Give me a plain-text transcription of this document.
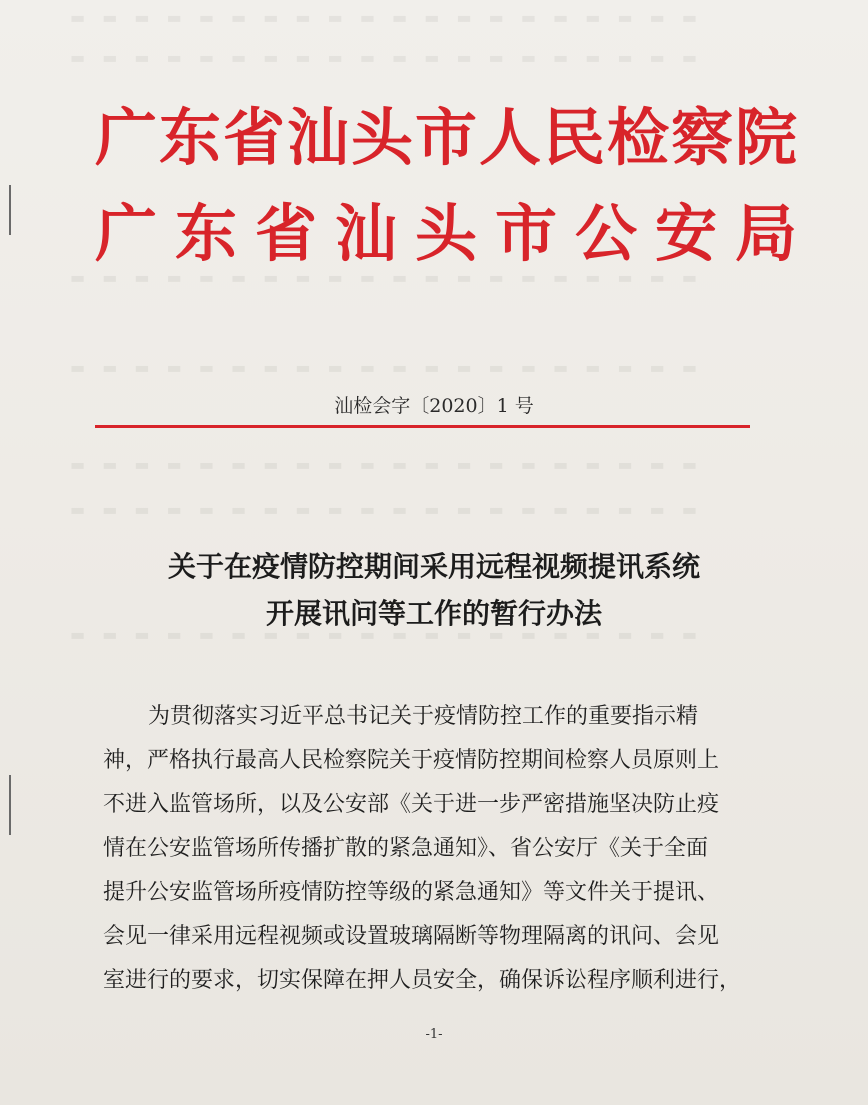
▬ ▬ ▬ ▬ ▬ ▬ ▬ ▬ ▬ ▬ ▬ ▬ ▬ ▬ ▬ ▬ ▬ ▬ ▬ ▬
▬ ▬ ▬ ▬ ▬ ▬ ▬ ▬ ▬ ▬ ▬ ▬ ▬ ▬ ▬ ▬ ▬ ▬ ▬ ▬
▬ ▬ ▬ ▬ ▬ ▬ ▬ ▬ ▬ ▬ ▬ ▬ ▬ ▬ ▬ ▬ ▬ ▬ ▬ ▬
▬ ▬ ▬ ▬ ▬ ▬ ▬ ▬ ▬ ▬ ▬ ▬ ▬ ▬ ▬ ▬ ▬ ▬ ▬ ▬
▬ ▬ ▬ ▬ ▬ ▬ ▬ ▬ ▬ ▬ ▬ ▬ ▬ ▬ ▬ ▬ ▬ ▬ ▬ ▬
▬ ▬ ▬ ▬ ▬ ▬ ▬ ▬ ▬ ▬ ▬ ▬ ▬ ▬ ▬ ▬ ▬ ▬ ▬ ▬
▬ ▬ ▬ ▬ ▬ ▬ ▬ ▬ ▬ ▬ ▬ ▬ ▬ ▬ ▬ ▬ ▬ ▬ ▬ ▬
广东省汕头市人民检察院
广东省汕头市公安局
汕检会字〔2020〕1 号
关于在疫情防控期间采用远程视频提讯系统
开展讯问等工作的暂行办法
为贯彻落实习近平总书记关于疫情防控工作的重要指示精
神，严格执行最高人民检察院关于疫情防控期间检察人员原则上
不进入监管场所，以及公安部《关于进一步严密措施坚决防止疫
情在公安监管场所传播扩散的紧急通知》、省公安厅《关于全面
提升公安监管场所疫情防控等级的紧急通知》等文件关于提讯、
会见一律采用远程视频或设置玻璃隔断等物理隔离的讯问、会见
室进行的要求，切实保障在押人员安全，确保诉讼程序顺利进行，
-1-
